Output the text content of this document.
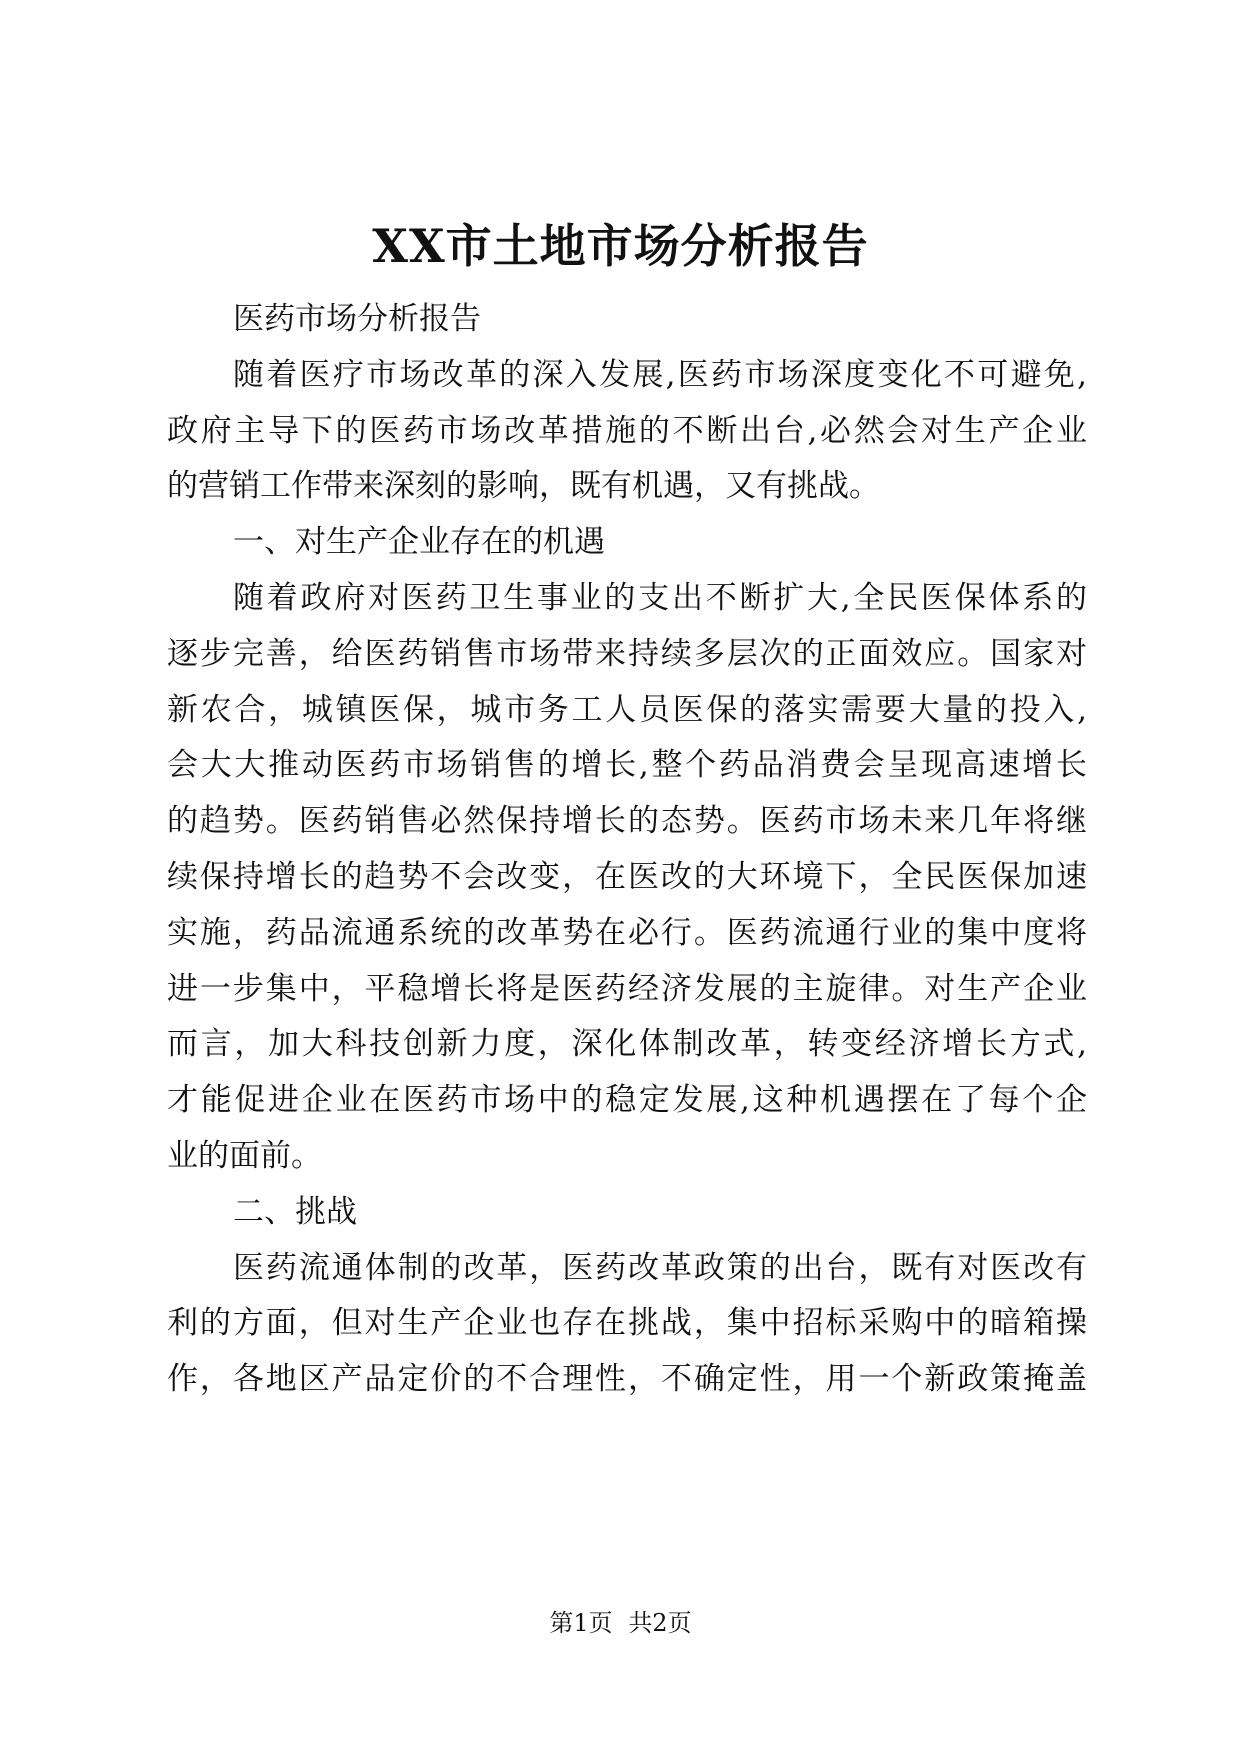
XX市土地市场分析报告
医药市场分析报告
随着医疗市场改革的深入发展,医药市场深度变化不可避免,
政府主导下的医药市场改革措施的不断出台,必然会对生产企业
的营销工作带来深刻的影响，既有机遇，又有挑战。
一、对生产企业存在的机遇
随着政府对医药卫生事业的支出不断扩大,全民医保体系的
逐步完善，给医药销售市场带来持续多层次的正面效应。国家对
新农合，城镇医保，城市务工人员医保的落实需要大量的投入,
会大大推动医药市场销售的增长,整个药品消费会呈现高速增长
的趋势。医药销售必然保持增长的态势。医药市场未来几年将继
续保持增长的趋势不会改变，在医改的大环境下，全民医保加速
实施，药品流通系统的改革势在必行。医药流通行业的集中度将
进一步集中，平稳增长将是医药经济发展的主旋律。对生产企业
而言，加大科技创新力度，深化体制改革，转变经济增长方式,
才能促进企业在医药市场中的稳定发展,这种机遇摆在了每个企
业的面前。
二、挑战
医药流通体制的改革，医药改革政策的出台，既有对医改有
利的方面，但对生产企业也存在挑战，集中招标采购中的暗箱操
作，各地区产品定价的不合理性，不确定性，用一个新政策掩盖
第1页 共2页
